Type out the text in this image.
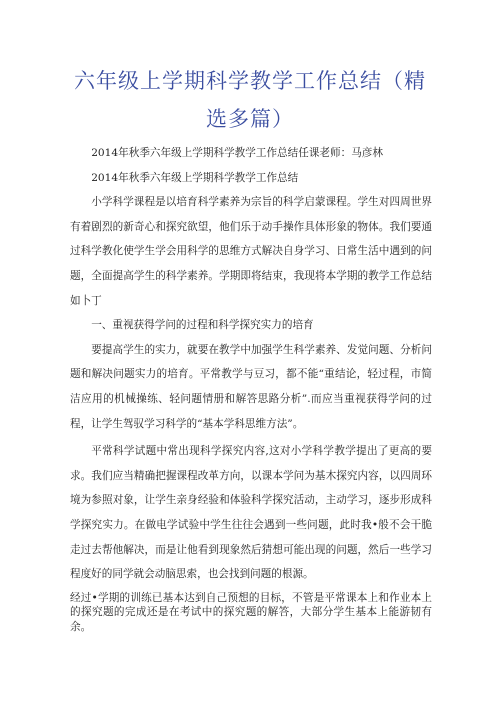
六年级上学期科学教学工作总结（精
选多篇）

2014年秋季六年级上学期科学教学工作总结任课老师：马彦林

2014年秋季六年级上学期科学教学工作总结

小学科学课程是以培育科学素养为宗旨的科学启蒙课程。学生对四周世界有着剧烈的新奇心和探究欲望，他们乐于动手操作具体形象的物体。我们要通过科学教化使学生学会用科学的思维方式解决自身学习、日常生活中遇到的问题，全面提高学生的科学素养。学期即将结束，我现将本学期的教学工作总结如卜丁

一、重视获得学问的过程和科学探究实力的培育

要提高学生的实力，就要在教学中加强学生科学素养、发觉问题、分析问题和解决问题实力的培育。平常教学与豆习，都不能“重结论，轻过程，市简洁应用的机械操练、轻问题情册和解答思路分析”.而应当重视获得学问的过程，让学生驾驭学习科学的“基本学科思维方法”。

平常科学试题中常出现科学探究内容,这对小学科学教学提出了更高的要求。我们应当精确把握课程改革方向，以课本学问为基木探究内容，以四周环境为参照对象，让学生亲身经验和体验科学探究活动，主动学习，逐步形成科学探究实力。在做电学试验中学生往往会遇到一些问题，此时我•般不会干脆走过去帮他解决，而是让他看到现象然后猜想可能出现的问题，然后一些学习程度好的同学就会动脑思索，也会找到问题的根源。

经过•学期的训练已基本达到自己预想的目标，不管是平常课本上和作业本上的探究题的完成还是在考试中的探究题的解答，大部分学生基本上能游韧有余。
